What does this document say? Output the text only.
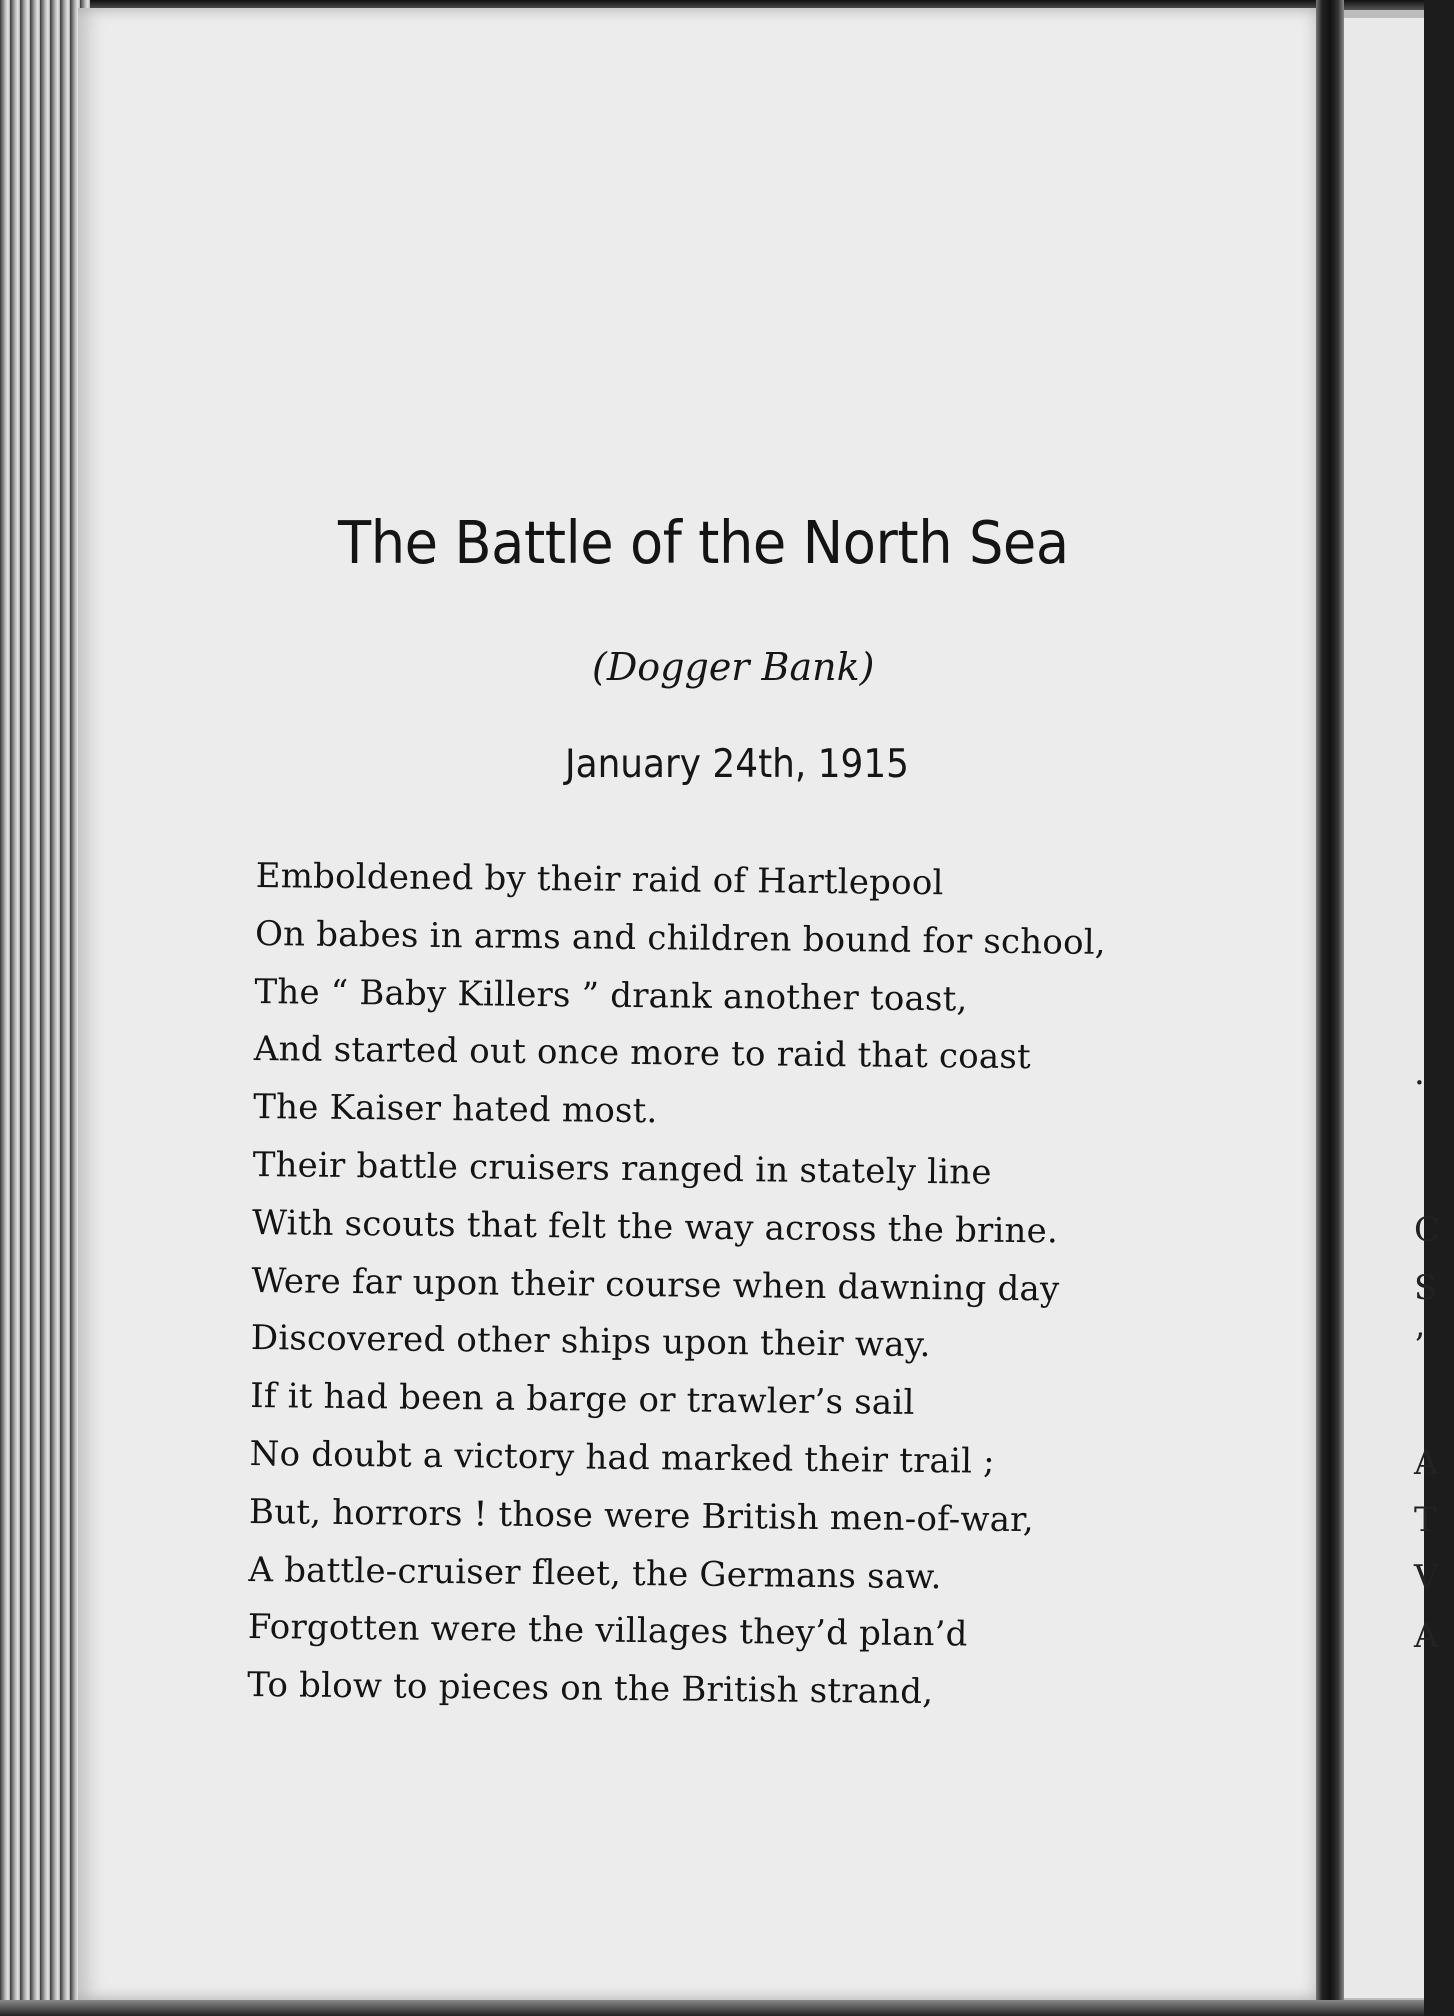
The Battle of the North Sea
(Dogger Bank)
January 24th, 1915
Emboldened by their raid of Hartlepool
On babes in arms and children bound for school,
The “ Baby Killers ” drank another toast,
And started out once more to raid that coast
The Kaiser hated most.
Their battle cruisers ranged in stately line
With scouts that felt the way across the brine.
Were far upon their course when dawning day
Discovered other ships upon their way.
If it had been a barge or trawler’s sail
No doubt a victory had marked their trail ;
But, horrors ! those were British men-of-war,
A battle-cruiser fleet, the Germans saw.
Forgotten were the villages they’d plan’d
To blow to pieces on the British strand,
·
C
S
’
A
T
V
A
